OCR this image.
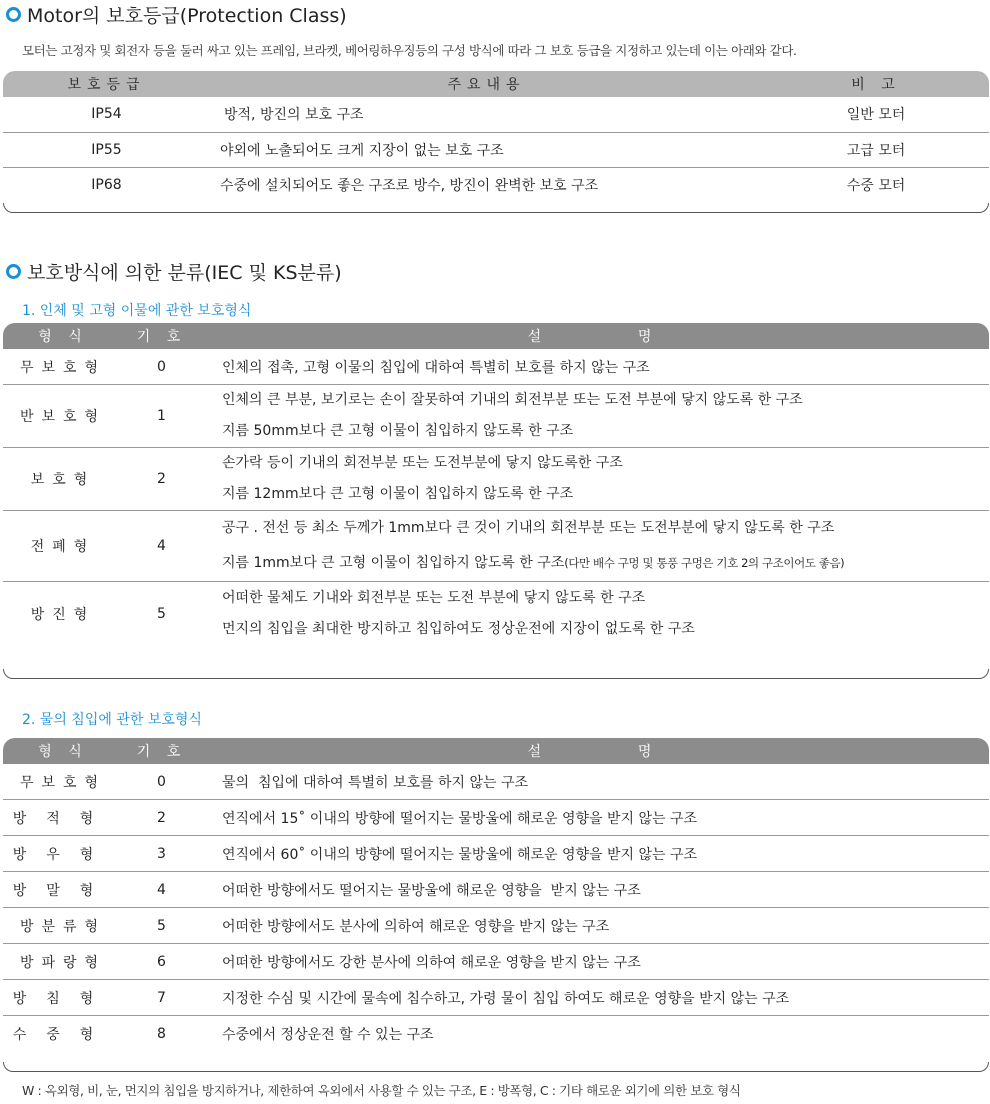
Motor의 보호등급(Protection Class)
모터는 고정자 및 회전자 등을 둘러 싸고 있는 프레임, 브라켓, 베어링하우징등의 구성 방식에 따라 그 보호 등급을 지정하고 있는데 이는 아래와 같다.
보호등급	주요내용	비 고
IP54	방적, 방진의 보호 구조	일반 모터
IP55	야외에 노출되어도 크게 지장이 없는 보호 구조	고급 모터
IP68	수중에 설치되어도 좋은 구조로 방수, 방진이 완벽한 보호 구조	수중 모터
보호방식에 의한 분류(IEC 및 KS분류)
1. 인체 및 고형 이물에 관한 보호형식
형 식	기 호	설      명
무보호형	0	인체의 접촉, 고형 이물의 침입에 대하여 특별히 보호를 하지 않는 구조
반보호형	1	인체의 큰 부분, 보기로는 손이 잘못하여 기내의 회전부분 또는 도전 부분에 닿지 않도록 한 구조
지름 50mm보다 큰 고형 이물이 침입하지 않도록 한 구조

보호형	2	손가락 등이 기내의 회전부분 또는 도전부분에 닿지 않도록한 구조
지름 12mm보다 큰 고형 이물이 침입하지 않도록 한 구조

전폐형	4	공구 . 전선 등 최소 두께가 1mm보다 큰 것이 기내의 회전부분 또는 도전부분에 닿지 않도록 한 구조
지름 1mm보다 큰 고형 이물이 침입하지 않도록 한 구조(다만 배수 구멍 및 통풍 구멍은 기호 2의 구조이어도 좋음)

방진형	5	어떠한 물체도 기내와 회전부분 또는 도전 부분에 닿지 않도록 한 구조
먼지의 침입을 최대한 방지하고 침입하여도 정상운전에 지장이 없도록 한 구조
2. 물의 침입에 관한 보호형식
형 식	기 호	설      명
무보호형	0	물의  침입에 대하여 특별히 보호를 하지 않는 구조
방적형	2	연직에서 15˚ 이내의 방향에 떨어지는 물방울에 해로운 영향을 받지 않는 구조
방우형	3	연직에서 60˚ 이내의 방향에 떨어지는 물방울에 해로운 영향을 받지 않는 구조
방말형	4	어떠한 방향에서도 떨어지는 물방울에 해로운 영향을  받지 않는 구조
방분류형	5	어떠한 방향에서도 분사에 의하여 해로운 영향을 받지 않는 구조
방파랑형	6	어떠한 방향에서도 강한 분사에 의하여 해로운 영향을 받지 않는 구조
방침형	7	지정한 수심 및 시간에 물속에 침수하고, 가령 물이 침입 하여도 해로운 영향을 받지 않는 구조
수중형	8	수중에서 정상운전 할 수 있는 구조
W : 옥외형, 비, 눈, 먼지의 침입을 방지하거나, 제한하여 옥외에서 사용할 수 있는 구조, E : 방폭형, C : 기타 해로운 외기에 의한 보호 형식
